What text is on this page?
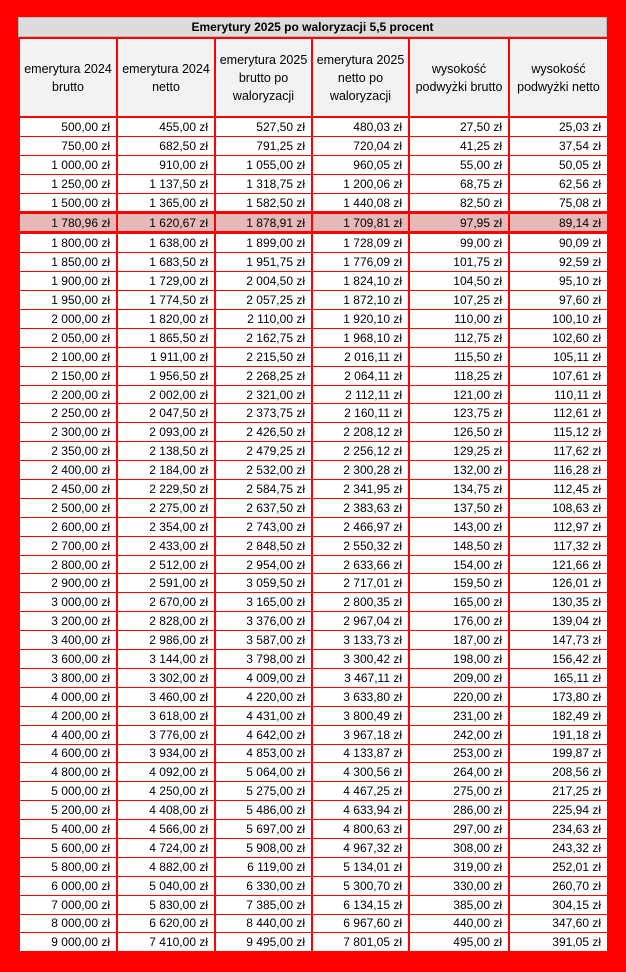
Emerytury 2025 po waloryzacji 5,5 procent
emerytura 2024 brutto	emerytura 2024 netto	emerytura 2025 brutto po waloryzacji	emerytura 2025 netto po waloryzacji	wysokość podwyżki brutto	wysokość podwyżki netto
500,00 zł	455,00 zł	527,50 zł	480,03 zł	27,50 zł	25,03 zł
750,00 zł	682,50 zł	791,25 zł	720,04 zł	41,25 zł	37,54 zł
1 000,00 zł	910,00 zł	1 055,00 zł	960,05 zł	55,00 zł	50,05 zł
1 250,00 zł	1 137,50 zł	1 318,75 zł	1 200,06 zł	68,75 zł	62,56 zł
1 500,00 zł	1 365,00 zł	1 582,50 zł	1 440,08 zł	82,50 zł	75,08 zł
1 780,96 zł	1 620,67 zł	1 878,91 zł	1 709,81 zł	97,95 zł	89,14 zł
1 800,00 zł	1 638,00 zł	1 899,00 zł	1 728,09 zł	99,00 zł	90,09 zł
1 850,00 zł	1 683,50 zł	1 951,75 zł	1 776,09 zł	101,75 zł	92,59 zł
1 900,00 zł	1 729,00 zł	2 004,50 zł	1 824,10 zł	104,50 zł	95,10 zł
1 950,00 zł	1 774,50 zł	2 057,25 zł	1 872,10 zł	107,25 zł	97,60 zł
2 000,00 zł	1 820,00 zł	2 110,00 zł	1 920,10 zł	110,00 zł	100,10 zł
2 050,00 zł	1 865,50 zł	2 162,75 zł	1 968,10 zł	112,75 zł	102,60 zł
2 100,00 zł	1 911,00 zł	2 215,50 zł	2 016,11 zł	115,50 zł	105,11 zł
2 150,00 zł	1 956,50 zł	2 268,25 zł	2 064,11 zł	118,25 zł	107,61 zł
2 200,00 zł	2 002,00 zł	2 321,00 zł	2 112,11 zł	121,00 zł	110,11 zł
2 250,00 zł	2 047,50 zł	2 373,75 zł	2 160,11 zł	123,75 zł	112,61 zł
2 300,00 zł	2 093,00 zł	2 426,50 zł	2 208,12 zł	126,50 zł	115,12 zł
2 350,00 zł	2 138,50 zł	2 479,25 zł	2 256,12 zł	129,25 zł	117,62 zł
2 400,00 zł	2 184,00 zł	2 532,00 zł	2 300,28 zł	132,00 zł	116,28 zł
2 450,00 zł	2 229,50 zł	2 584,75 zł	2 341,95 zł	134,75 zł	112,45 zł
2 500,00 zł	2 275,00 zł	2 637,50 zł	2 383,63 zł	137,50 zł	108,63 zł
2 600,00 zł	2 354,00 zł	2 743,00 zł	2 466,97 zł	143,00 zł	112,97 zł
2 700,00 zł	2 433,00 zł	2 848,50 zł	2 550,32 zł	148,50 zł	117,32 zł
2 800,00 zł	2 512,00 zł	2 954,00 zł	2 633,66 zł	154,00 zł	121,66 zł
2 900,00 zł	2 591,00 zł	3 059,50 zł	2 717,01 zł	159,50 zł	126,01 zł
3 000,00 zł	2 670,00 zł	3 165,00 zł	2 800,35 zł	165,00 zł	130,35 zł
3 200,00 zł	2 828,00 zł	3 376,00 zł	2 967,04 zł	176,00 zł	139,04 zł
3 400,00 zł	2 986,00 zł	3 587,00 zł	3 133,73 zł	187,00 zł	147,73 zł
3 600,00 zł	3 144,00 zł	3 798,00 zł	3 300,42 zł	198,00 zł	156,42 zł
3 800,00 zł	3 302,00 zł	4 009,00 zł	3 467,11 zł	209,00 zł	165,11 zł
4 000,00 zł	3 460,00 zł	4 220,00 zł	3 633,80 zł	220,00 zł	173,80 zł
4 200,00 zł	3 618,00 zł	4 431,00 zł	3 800,49 zł	231,00 zł	182,49 zł
4 400,00 zł	3 776,00 zł	4 642,00 zł	3 967,18 zł	242,00 zł	191,18 zł
4 600,00 zł	3 934,00 zł	4 853,00 zł	4 133,87 zł	253,00 zł	199,87 zł
4 800,00 zł	4 092,00 zł	5 064,00 zł	4 300,56 zł	264,00 zł	208,56 zł
5 000,00 zł	4 250,00 zł	5 275,00 zł	4 467,25 zł	275,00 zł	217,25 zł
5 200,00 zł	4 408,00 zł	5 486,00 zł	4 633,94 zł	286,00 zł	225,94 zł
5 400,00 zł	4 566,00 zł	5 697,00 zł	4 800,63 zł	297,00 zł	234,63 zł
5 600,00 zł	4 724,00 zł	5 908,00 zł	4 967,32 zł	308,00 zł	243,32 zł
5 800,00 zł	4 882,00 zł	6 119,00 zł	5 134,01 zł	319,00 zł	252,01 zł
6 000,00 zł	5 040,00 zł	6 330,00 zł	5 300,70 zł	330,00 zł	260,70 zł
7 000,00 zł	5 830,00 zł	7 385,00 zł	6 134,15 zł	385,00 zł	304,15 zł
8 000,00 zł	6 620,00 zł	8 440,00 zł	6 967,60 zł	440,00 zł	347,60 zł
9 000,00 zł	7 410,00 zł	9 495,00 zł	7 801,05 zł	495,00 zł	391,05 zł
